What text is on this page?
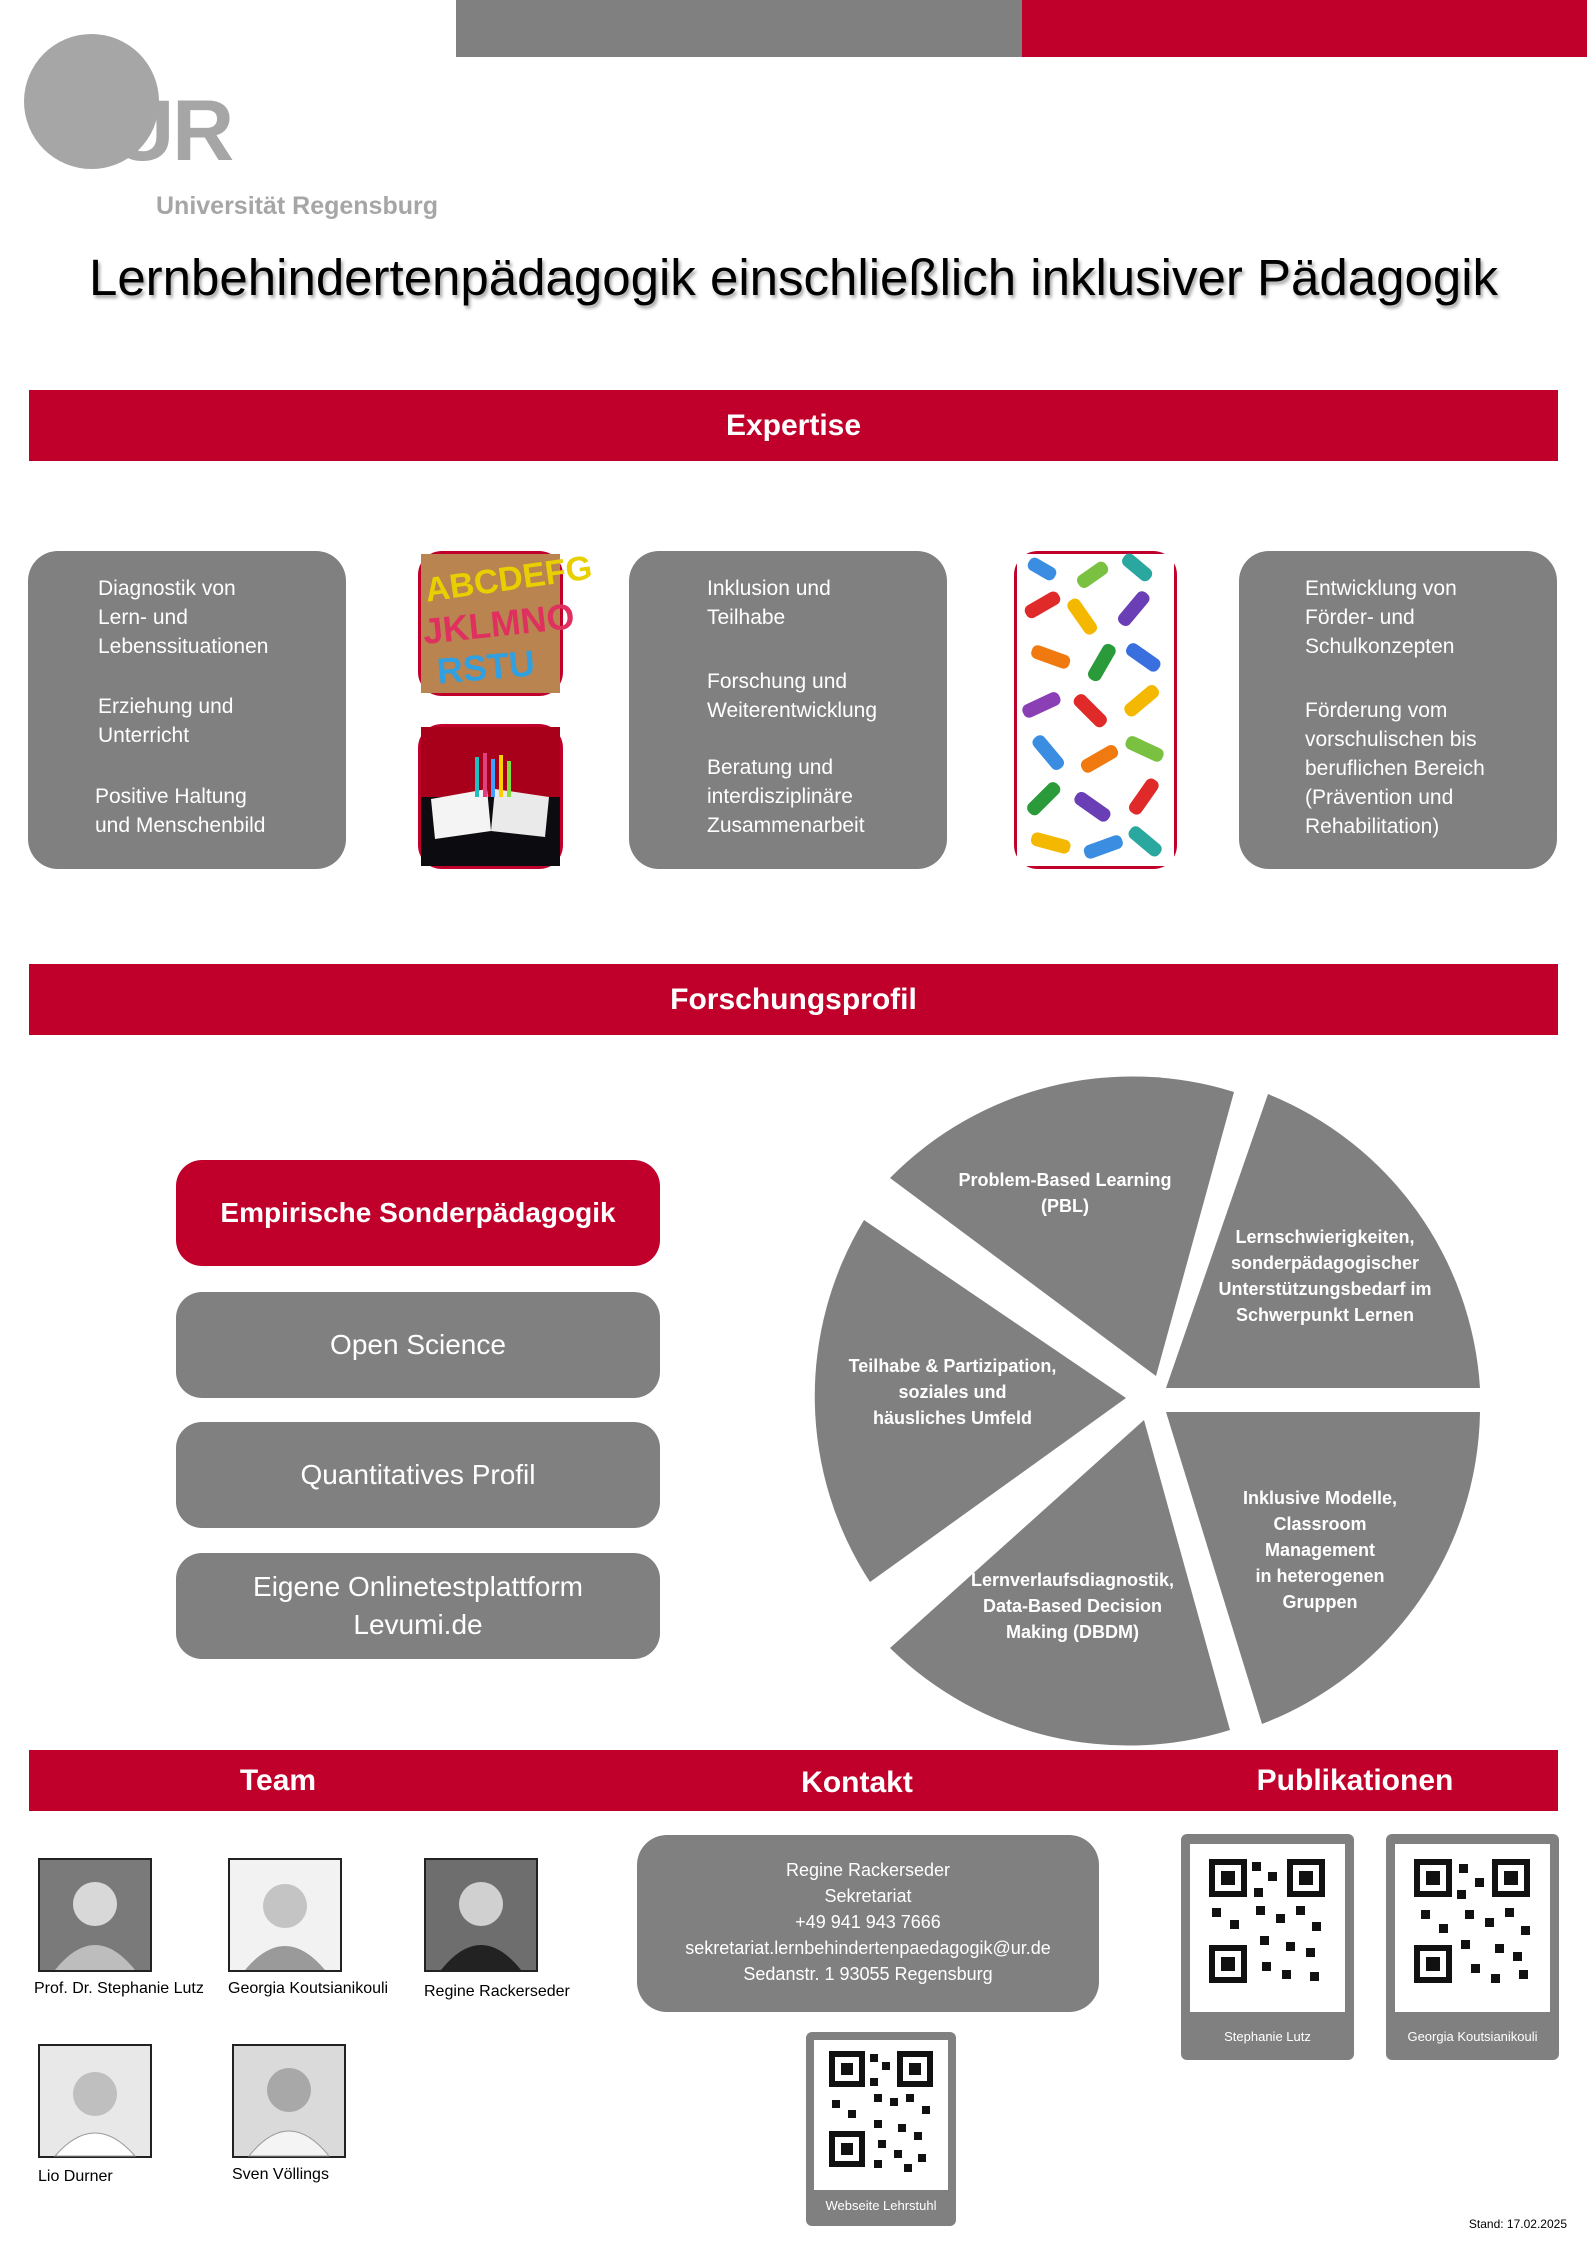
UR
Universität Regensburg
Lernbehindertenpädagogik einschließlich inklusiver Pädagogik
Expertise

Diagnostik von
Lern- und
Lebenssituationen

Erziehung und
Unterricht

Positive Haltung
und Menschenbild

ABCDEFG
JKLMNO
RSTU

Inklusion und
Teilhabe

Forschung und
Weiterentwicklung

Beratung und
interdisziplinäre
Zusammenarbeit

Entwicklung von
Förder- und
Schulkonzepten

Förderung vom
vorschulischen bis
beruflichen Bereich
(Prävention und
Rehabilitation)

Forschungsprofil
Empirische Sonderpädagogik
Open Science
Quantitatives Profil
Eigene Onlinetestplattform
Levumi.de
Problem-Based Learning
(PBL)
Lernschwierigkeiten,
sonderpädagogischer
Unterstützungsbedarf im
Schwerpunkt Lernen
Inklusive Modelle,
Classroom
Management
in heterogenen
Gruppen
Lernverlaufsdiagnostik,
Data-Based Decision
Making (DBDM)
Teilhabe & Partizipation,
soziales und
häusliches Umfeld
Team	Kontakt	Publikationen
Prof. Dr. Stephanie Lutz Georgia Koutsianikouli Regine Rackerseder
Lio Durner	Sven Völlings
Regine Rackerseder
Sekretariat
+49 941 943 7666
sekretariat.lernbehindertenpaedagogik@ur.de
Sedanstr. 1 93055 Regensburg
Webseite Lehrstuhl
Stephanie Lutz	Georgia Koutsianikouli
Stand: 17.02.2025
